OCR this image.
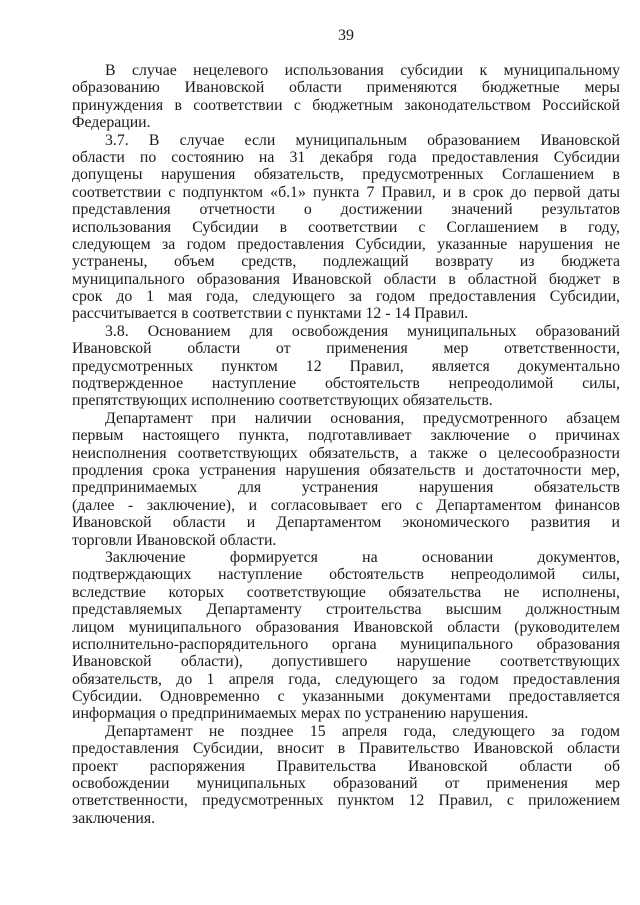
39
В случае нецелевого использования субсидии к муниципальному
образованию Ивановской области применяются бюджетные меры
принуждения в соответствии с бюджетным законодательством Российской
Федерации.
3.7. В случае если муниципальным образованием Ивановской
области по состоянию на 31 декабря года предоставления Субсидии
допущены нарушения обязательств, предусмотренных Соглашением в
соответствии с подпунктом «б.1» пункта 7 Правил, и в срок до первой даты
представления отчетности о достижении значений результатов
использования Субсидии в соответствии с Соглашением в году,
следующем за годом предоставления Субсидии, указанные нарушения не
устранены, объем средств, подлежащий возврату из бюджета
муниципального образования Ивановской области в областной бюджет в
срок до 1 мая года, следующего за годом предоставления Субсидии,
рассчитывается в соответствии с пунктами 12 - 14 Правил.
3.8. Основанием для освобождения муниципальных образований
Ивановской области от применения мер ответственности,
предусмотренных пунктом 12 Правил, является документально
подтвержденное наступление обстоятельств непреодолимой силы,
препятствующих исполнению соответствующих обязательств.
Департамент при наличии основания, предусмотренного абзацем
первым настоящего пункта, подготавливает заключение о причинах
неисполнения соответствующих обязательств, а также о целесообразности
продления срока устранения нарушения обязательств и достаточности мер,
предпринимаемых для устранения нарушения обязательств
(далее - заключение), и согласовывает его с Департаментом финансов
Ивановской области и Департаментом экономического развития и
торговли Ивановской области.
Заключение формируется на основании документов,
подтверждающих наступление обстоятельств непреодолимой силы,
вследствие которых соответствующие обязательства не исполнены,
представляемых Департаменту строительства высшим должностным
лицом муниципального образования Ивановской области (руководителем
исполнительно-распорядительного органа муниципального образования
Ивановской области), допустившего нарушение соответствующих
обязательств, до 1 апреля года, следующего за годом предоставления
Субсидии. Одновременно с указанными документами предоставляется
информация о предпринимаемых мерах по устранению нарушения.
Департамент не позднее 15 апреля года, следующего за годом
предоставления Субсидии, вносит в Правительство Ивановской области
проект распоряжения Правительства Ивановской области об
освобождении муниципальных образований от применения мер
ответственности, предусмотренных пунктом 12 Правил, с приложением
заключения.
